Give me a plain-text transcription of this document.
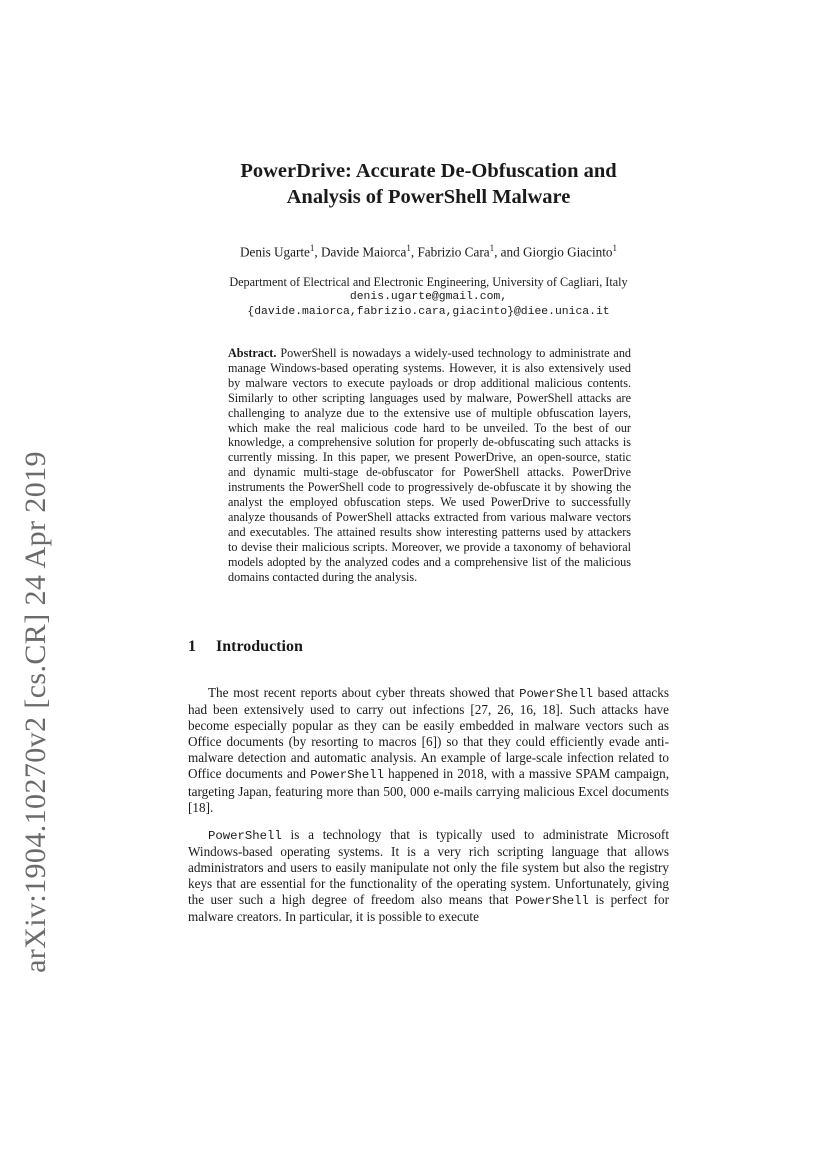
arXiv:1904.10270v2 [cs.CR] 24 Apr 2019
PowerDrive: Accurate De-Obfuscation and
Analysis of PowerShell Malware
Denis Ugarte$^1$, Davide Maiorca$^1$, Fabrizio Cara$^1$, and Giorgio Giacinto$^1$
Department of Electrical and Electronic Engineering, University of Cagliari, Italy
denis.ugarte@gmail.com,
{davide.maiorca,fabrizio.cara,giacinto}@diee.unica.it
Abstract. PowerShell is nowadays a widely-used technology to administrate and manage Windows-based operating systems. However, it is also extensively used by malware vectors to execute payloads or drop additional malicious contents. Similarly to other scripting languages used by malware, PowerShell attacks are challenging to analyze due to the extensive use of multiple obfuscation layers, which make the real malicious code hard to be unveiled. To the best of our knowledge, a comprehensive solution for properly de-obfuscating such attacks is currently missing. In this paper, we present PowerDrive, an open-source, static and dynamic multi-stage de-obfuscator for PowerShell attacks. PowerDrive instruments the PowerShell code to progressively de-obfuscate it by showing the analyst the employed obfuscation steps. We used PowerDrive to successfully analyze thousands of PowerShell attacks extracted from various malware vectors and executables. The attained results show interesting patterns used by attackers to devise their malicious scripts. Moreover, we provide a taxonomy of behavioral models adopted by the analyzed codes and a comprehensive list of the malicious domains contacted during the analysis.
1 Introduction

The most recent reports about cyber threats showed that PowerShell based attacks had been extensively used to carry out infections [27, 26, 16, 18]. Such attacks have become especially popular as they can be easily embedded in malware vectors such as Office documents (by resorting to macros [6]) so that they could efficiently evade anti-malware detection and automatic analysis. An example of large-scale infection related to Office documents and PowerShell happened in 2018, with a massive SPAM campaign, targeting Japan, featuring more than 500, 000 e-mails carrying malicious Excel documents [18].

PowerShell is a technology that is typically used to administrate Microsoft Windows-based operating systems. It is a very rich scripting language that allows administrators and users to easily manipulate not only the file system but also the registry keys that are essential for the functionality of the operating system. Unfortunately, giving the user such a high degree of freedom also means that PowerShell is perfect for malware creators. In particular, it is possible to execute
